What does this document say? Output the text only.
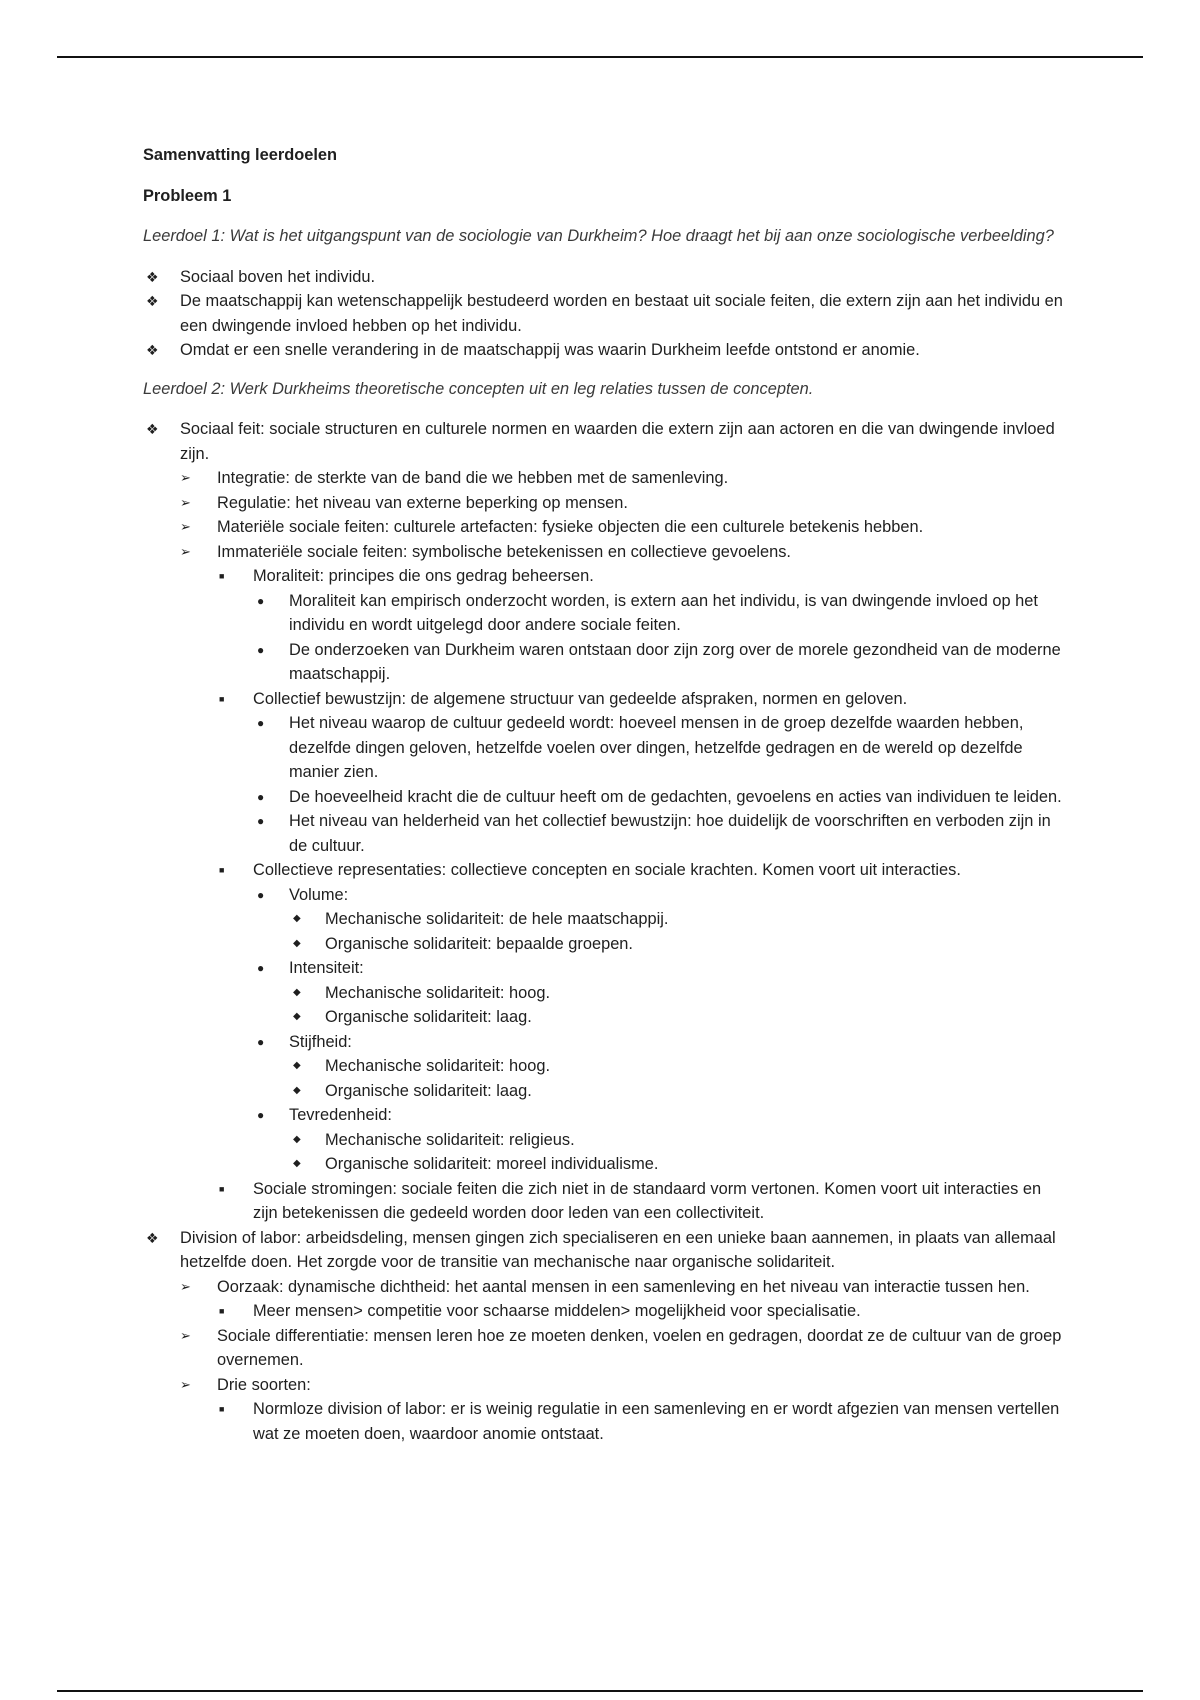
Samenvatting leerdoelen

Probleem 1

Leerdoel 1: Wat is het uitgangspunt van de sociologie van Durkheim? Hoe draagt het bij aan onze sociologische verbeelding?

❖	Sociaal boven het individu.
❖	De maatschappij kan wetenschappelijk bestudeerd worden en bestaat uit sociale feiten, die extern zijn aan het individu en een dwingende invloed hebben op het individu.
❖	Omdat er een snelle verandering in de maatschappij was waarin Durkheim leefde ontstond er anomie.

Leerdoel 2: Werk Durkheims theoretische concepten uit en leg relaties tussen de concepten.

❖	Sociaal feit: sociale structuren en culturele normen en waarden die extern zijn aan actoren en die van dwingende invloed zijn.
➢	Integratie: de sterkte van de band die we hebben met de samenleving.
➢	Regulatie: het niveau van externe beperking op mensen.
➢	Materiële sociale feiten: culturele artefacten: fysieke objecten die een culturele betekenis hebben.
➢	Immateriële sociale feiten: symbolische betekenissen en collectieve gevoelens.
■	Moraliteit: principes die ons gedrag beheersen.
●	Moraliteit kan empirisch onderzocht worden, is extern aan het individu, is van dwingende invloed op het individu en wordt uitgelegd door andere sociale feiten.
●	De onderzoeken van Durkheim waren ontstaan door zijn zorg over de morele gezondheid van de moderne maatschappij.
■	Collectief bewustzijn: de algemene structuur van gedeelde afspraken, normen en geloven.
●	Het niveau waarop de cultuur gedeeld wordt: hoeveel mensen in de groep dezelfde waarden hebben, dezelfde dingen geloven, hetzelfde voelen over dingen, hetzelfde gedragen en de wereld op dezelfde manier zien.
●	De hoeveelheid kracht die de cultuur heeft om de gedachten, gevoelens en acties van individuen te leiden.
●	Het niveau van helderheid van het collectief bewustzijn: hoe duidelijk de voorschriften en verboden zijn in de cultuur.
■	Collectieve representaties: collectieve concepten en sociale krachten. Komen voort uit interacties.
●	Volume:
◆	Mechanische solidariteit: de hele maatschappij.
◆	Organische solidariteit: bepaalde groepen.
●	Intensiteit:
◆	Mechanische solidariteit: hoog.
◆	Organische solidariteit: laag.
●	Stijfheid:
◆	Mechanische solidariteit: hoog.
◆	Organische solidariteit: laag.
●	Tevredenheid:
◆	Mechanische solidariteit: religieus.
◆	Organische solidariteit: moreel individualisme.
■	Sociale stromingen: sociale feiten die zich niet in de standaard vorm vertonen. Komen voort uit interacties en zijn betekenissen die gedeeld worden door leden van een collectiviteit.
❖	Division of labor: arbeidsdeling, mensen gingen zich specialiseren en een unieke baan aannemen, in plaats van allemaal hetzelfde doen. Het zorgde voor de transitie van mechanische naar organische solidariteit.
➢	Oorzaak: dynamische dichtheid: het aantal mensen in een samenleving en het niveau van interactie tussen hen.
■	Meer mensen> competitie voor schaarse middelen> mogelijkheid voor specialisatie.
➢	Sociale differentiatie: mensen leren hoe ze moeten denken, voelen en gedragen, doordat ze de cultuur van de groep overnemen.
➢	Drie soorten:
■	Normloze division of labor: er is weinig regulatie in een samenleving en er wordt afgezien van mensen vertellen wat ze moeten doen, waardoor anomie ontstaat.
